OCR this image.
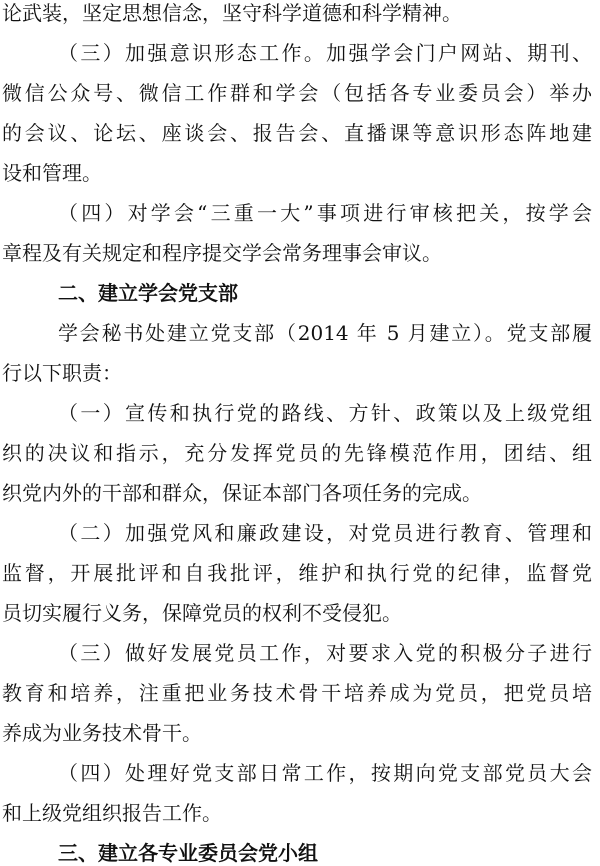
论武装，坚定思想信念，坚守科学道德和科学精神。
（三）加强意识形态工作。加强学会门户网站、期刊、
微信公众号、微信工作群和学会（包括各专业委员会）举办
的会议、论坛、座谈会、报告会、直播课等意识形态阵地建
设和管理。
（四）对学会“三重一大”事项进行审核把关，按学会
章程及有关规定和程序提交学会常务理事会审议。
二、建立学会党支部
学会秘书处建立党支部（2014 年 5 月建立）。党支部履
行以下职责：
（一）宣传和执行党的路线、方针、政策以及上级党组
织的决议和指示，充分发挥党员的先锋模范作用，团结、组
织党内外的干部和群众，保证本部门各项任务的完成。
（二）加强党风和廉政建设，对党员进行教育、管理和
监督，开展批评和自我批评，维护和执行党的纪律，监督党
员切实履行义务，保障党员的权利不受侵犯。
（三）做好发展党员工作，对要求入党的积极分子进行
教育和培养，注重把业务技术骨干培养成为党员，把党员培
养成为业务技术骨干。
（四）处理好党支部日常工作，按期向党支部党员大会
和上级党组织报告工作。
三、建立各专业委员会党小组
